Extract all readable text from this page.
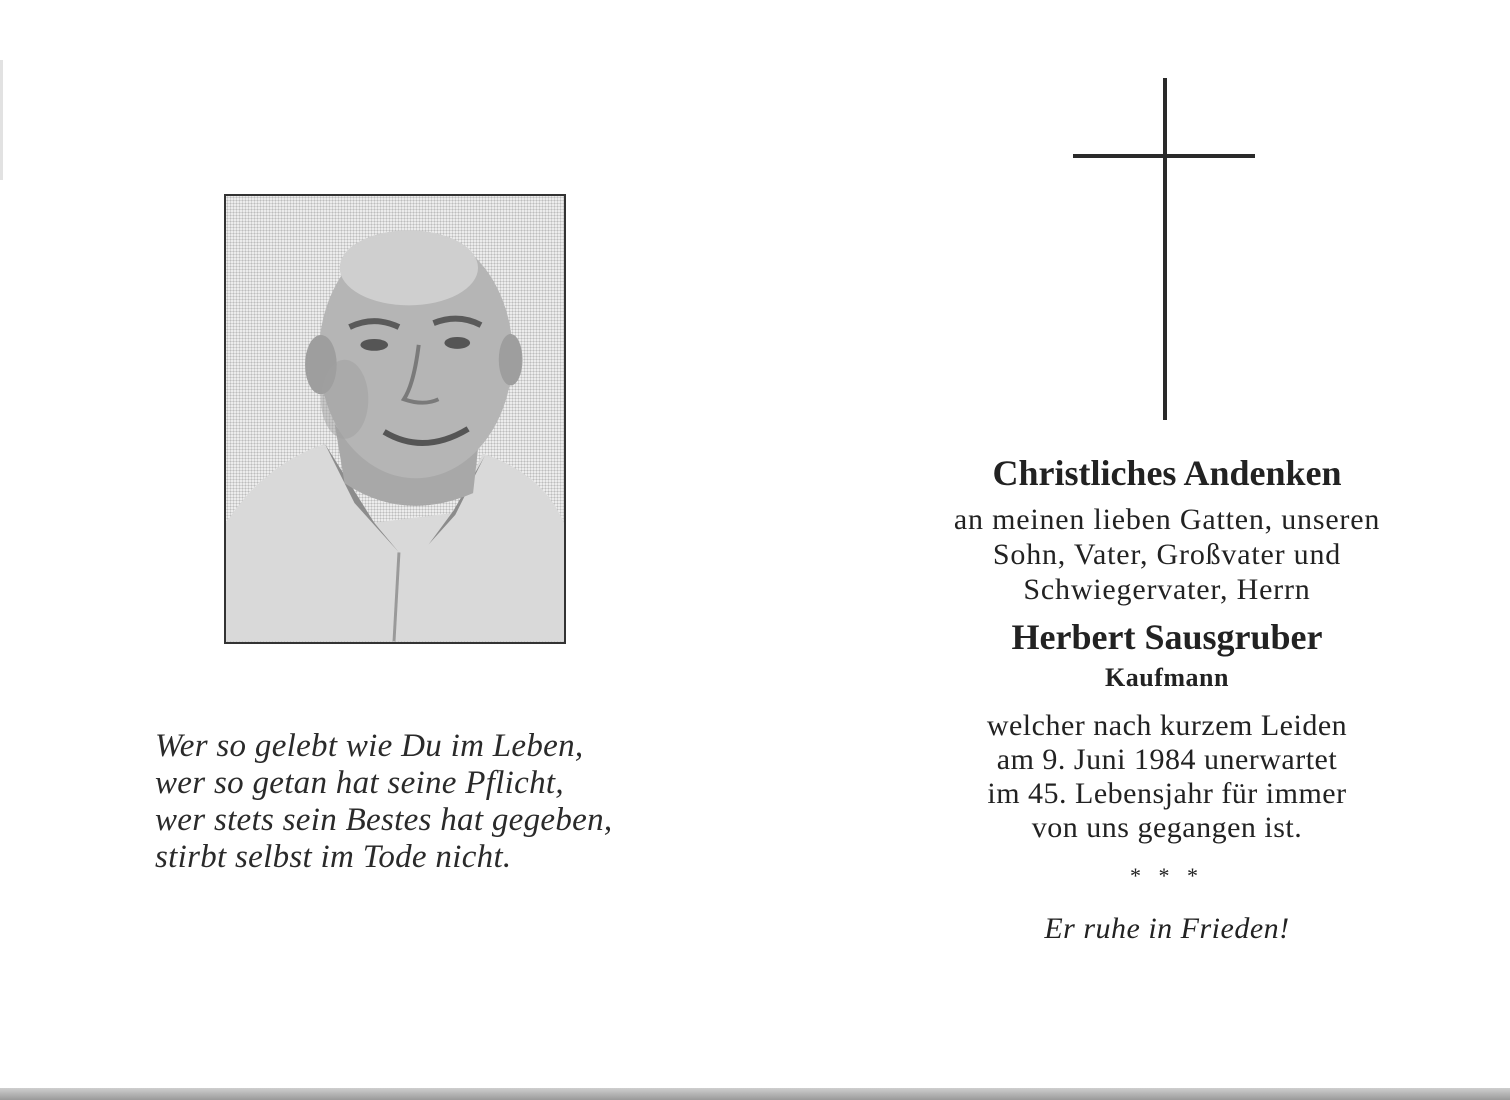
Wer so gelebt wie Du im Leben,
wer so getan hat seine Pflicht,
wer stets sein Bestes hat gegeben,
stirbt selbst im Tode nicht.
Christliches Andenken
an meinen lieben Gatten, unseren
Sohn, Vater, Großvater und
Schwiegervater, Herrn
Herbert Sausgruber
Kaufmann
welcher nach kurzem Leiden
am 9. Juni 1984 unerwartet
im 45. Lebensjahr für immer
von uns gegangen ist.
* * *
Er ruhe in Frieden!
